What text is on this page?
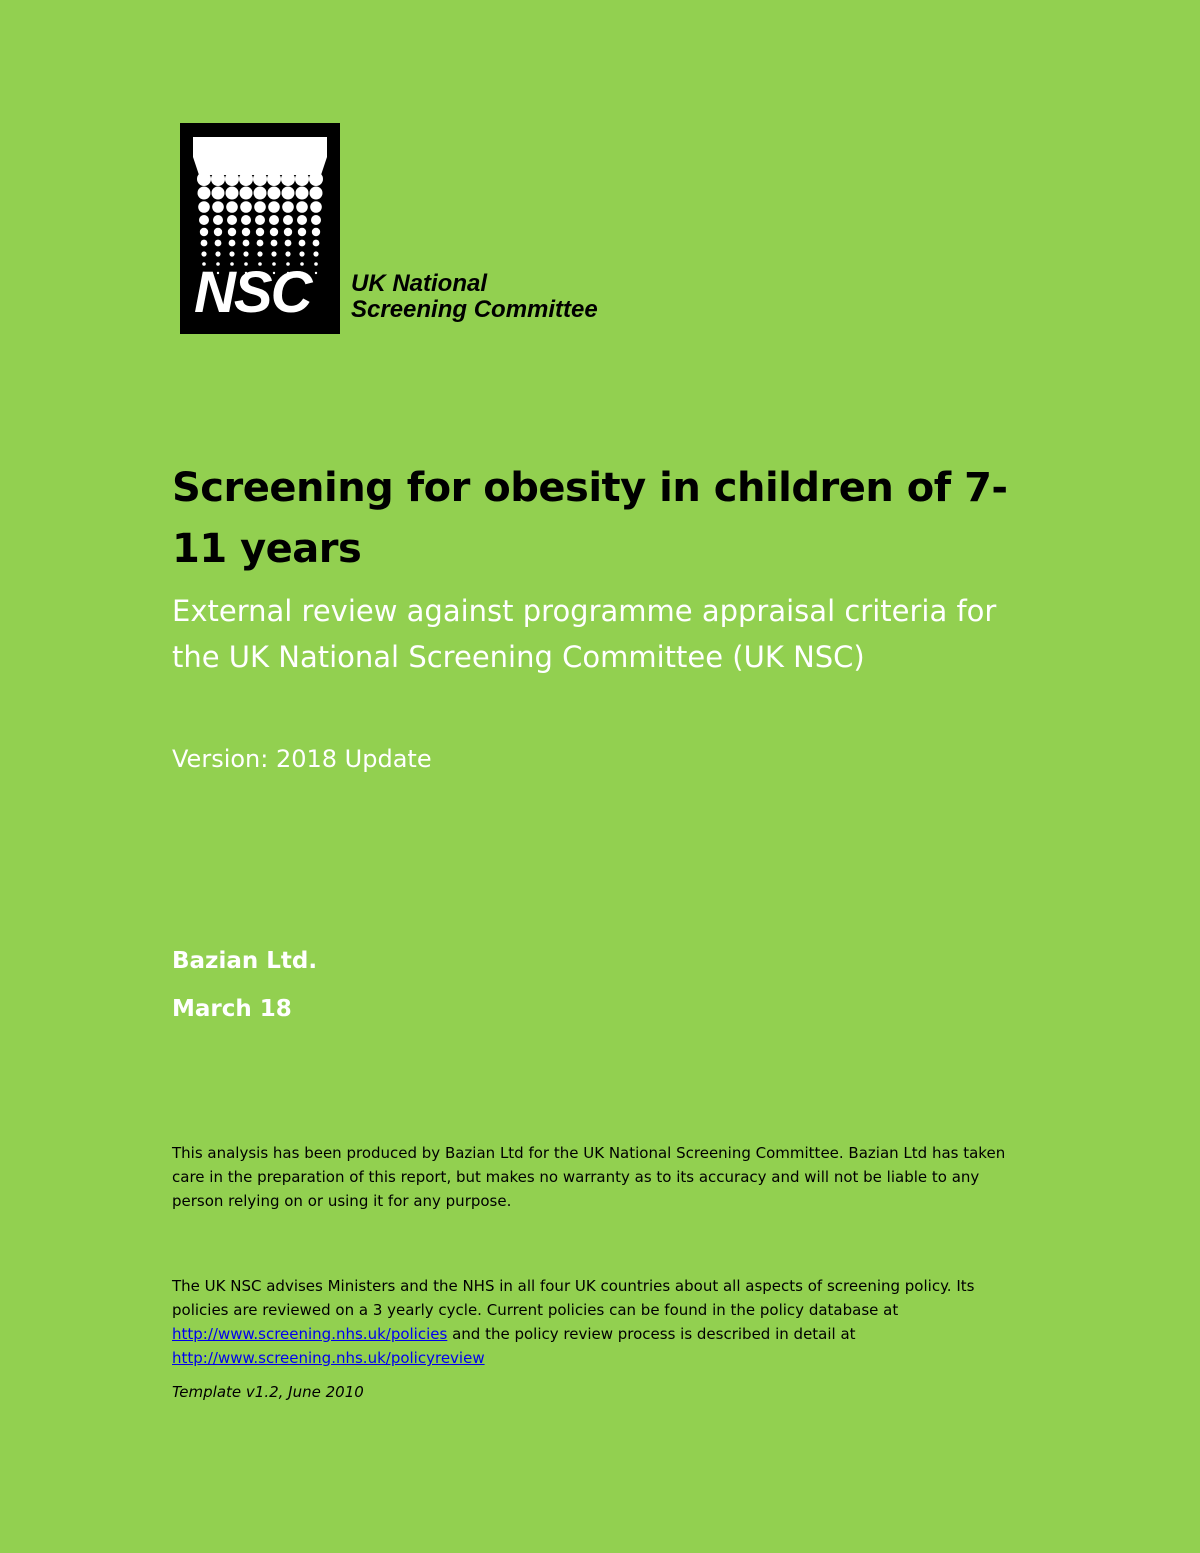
NSC UK National
Screening Committee
Screening for obesity in children of 7-11 years

External review against programme appraisal criteria for the UK National Screening Committee (UK NSC)

Version: 2018 Update
Bazian Ltd.
March 18

This analysis has been produced by Bazian Ltd for the UK National Screening Committee. Bazian Ltd has taken care in the preparation of this report, but makes no warranty as to its accuracy and will not be liable to any person relying on or using it for any purpose.

The UK NSC advises Ministers and the NHS in all four UK countries about all aspects of screening policy. Its policies are reviewed on a 3 yearly cycle. Current policies can be found in the policy database at http://www.screening.nhs.uk/policies and the policy review process is described in detail at http://www.screening.nhs.uk/policyreview

Template v1.2, June 2010
